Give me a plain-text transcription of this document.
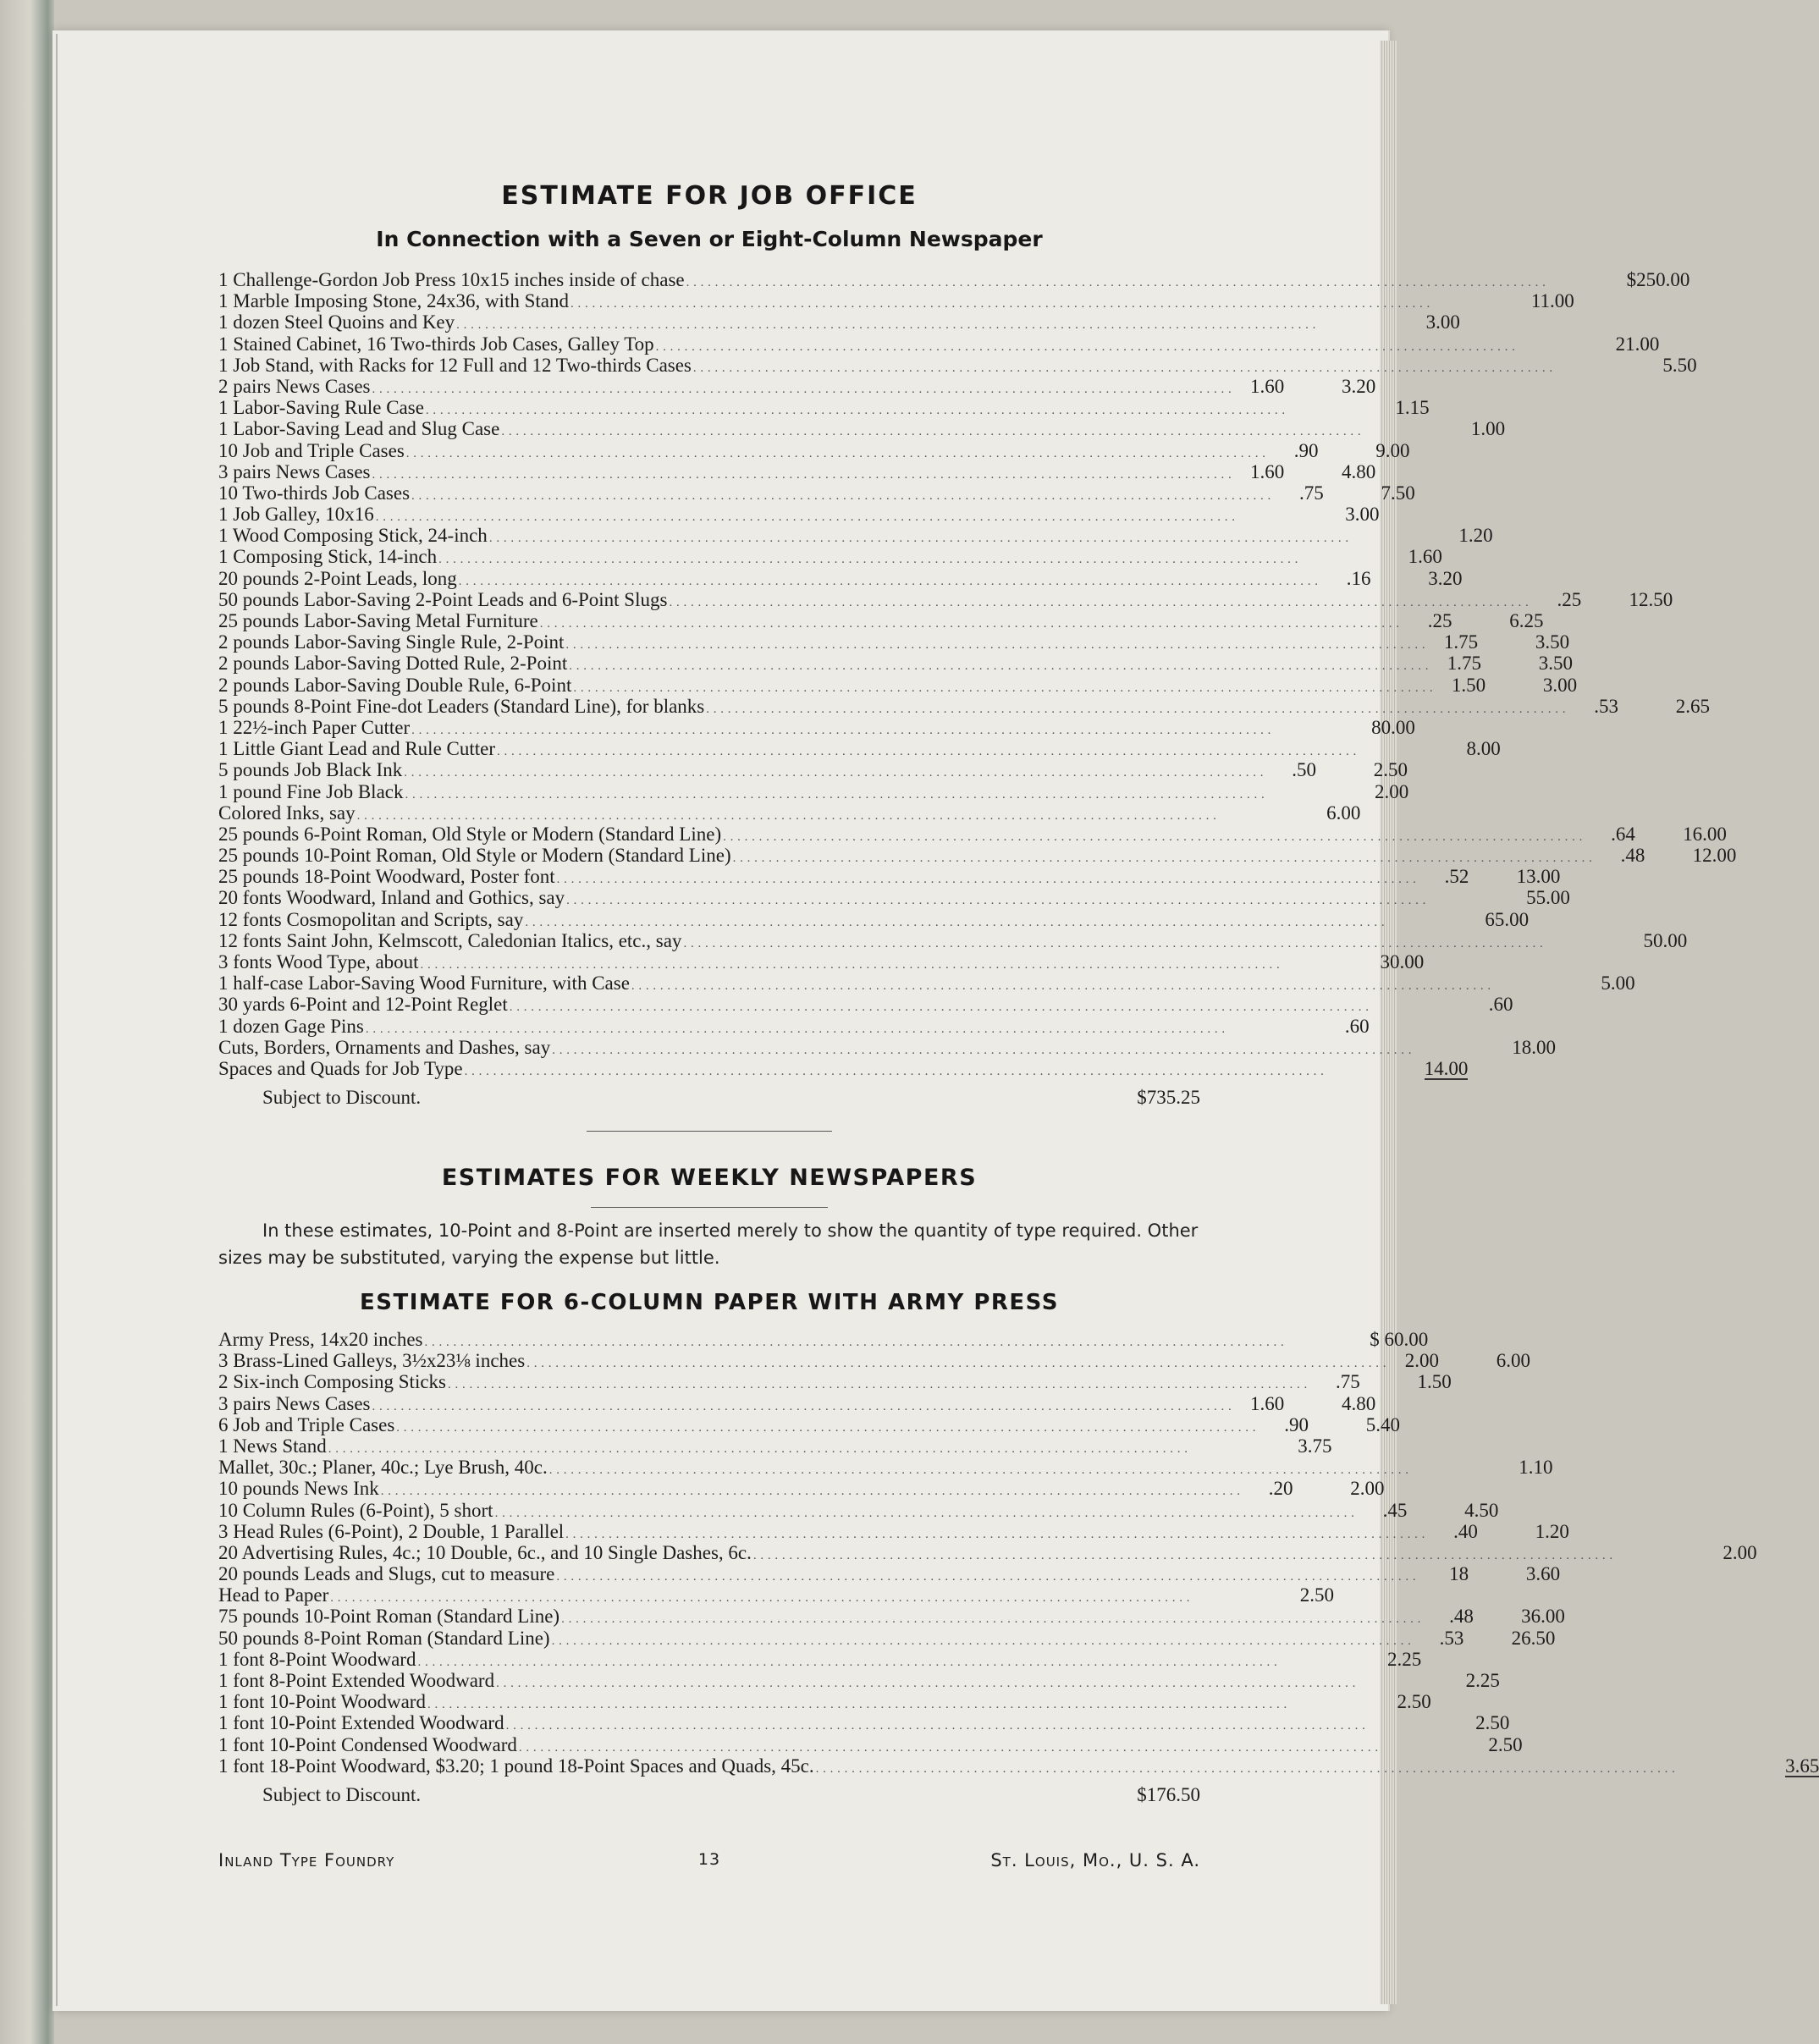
ESTIMATE FOR JOB OFFICE
In Connection with a Seven or Eight-Column Newspaper
1 Challenge-Gordon Job Press 10x15 inches inside of chase . . . . . . . . . . . . . . . . . . . . . . . . . . . . . . . . . . . . . . . . . . . . . . . . . . . . . . . . . . . . . . . . . . . . . . . . . . . . . . . . . . . . . . . . . . . . . . . . . . . . . . . . . . . . . . . . . . . . . . . .	$250.00
1 Marble Imposing Stone, 24x36, with Stand . . . . . . . . . . . . . . . . . . . . . . . . . . . . . . . . . . . . . . . . . . . . . . . . . . . . . . . . . . . . . . . . . . . . . . . . . . . . . . . . . . . . . . . . . . . . . . . . . . . . . . . . . . . . . . . . . . . . . . . .	11.00
1 dozen Steel Quoins and Key . . . . . . . . . . . . . . . . . . . . . . . . . . . . . . . . . . . . . . . . . . . . . . . . . . . . . . . . . . . . . . . . . . . . . . . . . . . . . . . . . . . . . . . . . . . . . . . . . . . . . . . . . . . . . . . . . . . . . . . .	3.00
1 Stained Cabinet, 16 Two-thirds Job Cases, Galley Top . . . . . . . . . . . . . . . . . . . . . . . . . . . . . . . . . . . . . . . . . . . . . . . . . . . . . . . . . . . . . . . . . . . . . . . . . . . . . . . . . . . . . . . . . . . . . . . . . . . . . . . . . . . . . . . . . . . . . . . .	21.00
1 Job Stand, with Racks for 12 Full and 12 Two-thirds Cases . . . . . . . . . . . . . . . . . . . . . . . . . . . . . . . . . . . . . . . . . . . . . . . . . . . . . . . . . . . . . . . . . . . . . . . . . . . . . . . . . . . . . . . . . . . . . . . . . . . . . . . . . . . . . . . . . . . . . . . .	5.50
2 pairs News Cases . . . . . . . . . . . . . . . . . . . . . . . . . . . . . . . . . . . . . . . . . . . . . . . . . . . . . . . . . . . . . . . . . . . . . . . . . . . . . . . . . . . . . . . . . . . . . . . . . . . . . . . . . . . . . . . . . . . . . . . . 1.60	3.20
1 Labor-Saving Rule Case . . . . . . . . . . . . . . . . . . . . . . . . . . . . . . . . . . . . . . . . . . . . . . . . . . . . . . . . . . . . . . . . . . . . . . . . . . . . . . . . . . . . . . . . . . . . . . . . . . . . . . . . . . . . . . . . . . . . . . . .	1.15
1 Labor-Saving Lead and Slug Case . . . . . . . . . . . . . . . . . . . . . . . . . . . . . . . . . . . . . . . . . . . . . . . . . . . . . . . . . . . . . . . . . . . . . . . . . . . . . . . . . . . . . . . . . . . . . . . . . . . . . . . . . . . . . . . . . . . . . . . .	1.00
10 Job and Triple Cases . . . . . . . . . . . . . . . . . . . . . . . . . . . . . . . . . . . . . . . . . . . . . . . . . . . . . . . . . . . . . . . . . . . . . . . . . . . . . . . . . . . . . . . . . . . . . . . . . . . . . . . . . . . . . . . . . . . . . . . .	.90	9.00
3 pairs News Cases . . . . . . . . . . . . . . . . . . . . . . . . . . . . . . . . . . . . . . . . . . . . . . . . . . . . . . . . . . . . . . . . . . . . . . . . . . . . . . . . . . . . . . . . . . . . . . . . . . . . . . . . . . . . . . . . . . . . . . . . 1.60	4.80
10 Two-thirds Job Cases . . . . . . . . . . . . . . . . . . . . . . . . . . . . . . . . . . . . . . . . . . . . . . . . . . . . . . . . . . . . . . . . . . . . . . . . . . . . . . . . . . . . . . . . . . . . . . . . . . . . . . . . . . . . . . . . . . . . . . . .	.75	7.50
1 Job Galley, 10x16 . . . . . . . . . . . . . . . . . . . . . . . . . . . . . . . . . . . . . . . . . . . . . . . . . . . . . . . . . . . . . . . . . . . . . . . . . . . . . . . . . . . . . . . . . . . . . . . . . . . . . . . . . . . . . . . . . . . . . . . .	3.00
1 Wood Composing Stick, 24-inch . . . . . . . . . . . . . . . . . . . . . . . . . . . . . . . . . . . . . . . . . . . . . . . . . . . . . . . . . . . . . . . . . . . . . . . . . . . . . . . . . . . . . . . . . . . . . . . . . . . . . . . . . . . . . . . . . . . . . . . .	1.20
1 Composing Stick, 14-inch . . . . . . . . . . . . . . . . . . . . . . . . . . . . . . . . . . . . . . . . . . . . . . . . . . . . . . . . . . . . . . . . . . . . . . . . . . . . . . . . . . . . . . . . . . . . . . . . . . . . . . . . . . . . . . . . . . . . . . . .	1.60
20 pounds 2-Point Leads, long . . . . . . . . . . . . . . . . . . . . . . . . . . . . . . . . . . . . . . . . . . . . . . . . . . . . . . . . . . . . . . . . . . . . . . . . . . . . . . . . . . . . . . . . . . . . . . . . . . . . . . . . . . . . . . . . . . . . . . . .	.16	3.20
50 pounds Labor-Saving 2-Point Leads and 6-Point Slugs . . . . . . . . . . . . . . . . . . . . . . . . . . . . . . . . . . . . . . . . . . . . . . . . . . . . . . . . . . . . . . . . . . . . . . . . . . . . . . . . . . . . . . . . . . . . . . . . . . . . . . . . . . . . . . . . . . . . . . . .	.25	12.50
25 pounds Labor-Saving Metal Furniture . . . . . . . . . . . . . . . . . . . . . . . . . . . . . . . . . . . . . . . . . . . . . . . . . . . . . . . . . . . . . . . . . . . . . . . . . . . . . . . . . . . . . . . . . . . . . . . . . . . . . . . . . . . . . . . . . . . . . . . .	.25	6.25
2 pounds Labor-Saving Single Rule, 2-Point . . . . . . . . . . . . . . . . . . . . . . . . . . . . . . . . . . . . . . . . . . . . . . . . . . . . . . . . . . . . . . . . . . . . . . . . . . . . . . . . . . . . . . . . . . . . . . . . . . . . . . . . . . . . . . . . . . . . . . . . 1.75	3.50
2 pounds Labor-Saving Dotted Rule, 2-Point . . . . . . . . . . . . . . . . . . . . . . . . . . . . . . . . . . . . . . . . . . . . . . . . . . . . . . . . . . . . . . . . . . . . . . . . . . . . . . . . . . . . . . . . . . . . . . . . . . . . . . . . . . . . . . . . . . . . . . . . 1.75	3.50
2 pounds Labor-Saving Double Rule, 6-Point . . . . . . . . . . . . . . . . . . . . . . . . . . . . . . . . . . . . . . . . . . . . . . . . . . . . . . . . . . . . . . . . . . . . . . . . . . . . . . . . . . . . . . . . . . . . . . . . . . . . . . . . . . . . . . . . . . . . . . . . 1.50	3.00
5 pounds 8-Point Fine-dot Leaders (Standard Line), for blanks . . . . . . . . . . . . . . . . . . . . . . . . . . . . . . . . . . . . . . . . . . . . . . . . . . . . . . . . . . . . . . . . . . . . . . . . . . . . . . . . . . . . . . . . . . . . . . . . . . . . . . . . . . . . . . . . . . . . . . . .	.53	2.65
1 22½-inch Paper Cutter . . . . . . . . . . . . . . . . . . . . . . . . . . . . . . . . . . . . . . . . . . . . . . . . . . . . . . . . . . . . . . . . . . . . . . . . . . . . . . . . . . . . . . . . . . . . . . . . . . . . . . . . . . . . . . . . . . . . . . . .	80.00
1 Little Giant Lead and Rule Cutter . . . . . . . . . . . . . . . . . . . . . . . . . . . . . . . . . . . . . . . . . . . . . . . . . . . . . . . . . . . . . . . . . . . . . . . . . . . . . . . . . . . . . . . . . . . . . . . . . . . . . . . . . . . . . . . . . . . . . . . .	8.00
5 pounds Job Black Ink . . . . . . . . . . . . . . . . . . . . . . . . . . . . . . . . . . . . . . . . . . . . . . . . . . . . . . . . . . . . . . . . . . . . . . . . . . . . . . . . . . . . . . . . . . . . . . . . . . . . . . . . . . . . . . . . . . . . . . . .	.50	2.50
1 pound Fine Job Black . . . . . . . . . . . . . . . . . . . . . . . . . . . . . . . . . . . . . . . . . . . . . . . . . . . . . . . . . . . . . . . . . . . . . . . . . . . . . . . . . . . . . . . . . . . . . . . . . . . . . . . . . . . . . . . . . . . . . . . .	2.00
Colored Inks, say . . . . . . . . . . . . . . . . . . . . . . . . . . . . . . . . . . . . . . . . . . . . . . . . . . . . . . . . . . . . . . . . . . . . . . . . . . . . . . . . . . . . . . . . . . . . . . . . . . . . . . . . . . . . . . . . . . . . . . . .	6.00
25 pounds 6-Point Roman, Old Style or Modern (Standard Line) . . . . . . . . . . . . . . . . . . . . . . . . . . . . . . . . . . . . . . . . . . . . . . . . . . . . . . . . . . . . . . . . . . . . . . . . . . . . . . . . . . . . . . . . . . . . . . . . . . . . . . . . . . . . . . . . . . . . . . . .	.64	16.00
25 pounds 10-Point Roman, Old Style or Modern (Standard Line) . . . . . . . . . . . . . . . . . . . . . . . . . . . . . . . . . . . . . . . . . . . . . . . . . . . . . . . . . . . . . . . . . . . . . . . . . . . . . . . . . . . . . . . . . . . . . . . . . . . . . . . . . . . . . . . . . . . . . . . .	.48	12.00
25 pounds 18-Point Woodward, Poster font . . . . . . . . . . . . . . . . . . . . . . . . . . . . . . . . . . . . . . . . . . . . . . . . . . . . . . . . . . . . . . . . . . . . . . . . . . . . . . . . . . . . . . . . . . . . . . . . . . . . . . . . . . . . . . . . . . . . . . . .	.52	13.00
20 fonts Woodward, Inland and Gothics, say . . . . . . . . . . . . . . . . . . . . . . . . . . . . . . . . . . . . . . . . . . . . . . . . . . . . . . . . . . . . . . . . . . . . . . . . . . . . . . . . . . . . . . . . . . . . . . . . . . . . . . . . . . . . . . . . . . . . . . . .	55.00
12 fonts Cosmopolitan and Scripts, say . . . . . . . . . . . . . . . . . . . . . . . . . . . . . . . . . . . . . . . . . . . . . . . . . . . . . . . . . . . . . . . . . . . . . . . . . . . . . . . . . . . . . . . . . . . . . . . . . . . . . . . . . . . . . . . . . . . . . . . .	65.00
12 fonts Saint John, Kelmscott, Caledonian Italics, etc., say . . . . . . . . . . . . . . . . . . . . . . . . . . . . . . . . . . . . . . . . . . . . . . . . . . . . . . . . . . . . . . . . . . . . . . . . . . . . . . . . . . . . . . . . . . . . . . . . . . . . . . . . . . . . . . . . . . . . . . . .	50.00
3 fonts Wood Type, about . . . . . . . . . . . . . . . . . . . . . . . . . . . . . . . . . . . . . . . . . . . . . . . . . . . . . . . . . . . . . . . . . . . . . . . . . . . . . . . . . . . . . . . . . . . . . . . . . . . . . . . . . . . . . . . . . . . . . . . .	30.00
1 half-case Labor-Saving Wood Furniture, with Case . . . . . . . . . . . . . . . . . . . . . . . . . . . . . . . . . . . . . . . . . . . . . . . . . . . . . . . . . . . . . . . . . . . . . . . . . . . . . . . . . . . . . . . . . . . . . . . . . . . . . . . . . . . . . . . . . . . . . . . .	5.00
30 yards 6-Point and 12-Point Reglet . . . . . . . . . . . . . . . . . . . . . . . . . . . . . . . . . . . . . . . . . . . . . . . . . . . . . . . . . . . . . . . . . . . . . . . . . . . . . . . . . . . . . . . . . . . . . . . . . . . . . . . . . . . . . . . . . . . . . . . .	.60
1 dozen Gage Pins . . . . . . . . . . . . . . . . . . . . . . . . . . . . . . . . . . . . . . . . . . . . . . . . . . . . . . . . . . . . . . . . . . . . . . . . . . . . . . . . . . . . . . . . . . . . . . . . . . . . . . . . . . . . . . . . . . . . . . . .	.60
Cuts, Borders, Ornaments and Dashes, say . . . . . . . . . . . . . . . . . . . . . . . . . . . . . . . . . . . . . . . . . . . . . . . . . . . . . . . . . . . . . . . . . . . . . . . . . . . . . . . . . . . . . . . . . . . . . . . . . . . . . . . . . . . . . . . . . . . . . . . .	18.00
Spaces and Quads for Job Type . . . . . . . . . . . . . . . . . . . . . . . . . . . . . . . . . . . . . . . . . . . . . . . . . . . . . . . . . . . . . . . . . . . . . . . . . . . . . . . . . . . . . . . . . . . . . . . . . . . . . . . . . . . . . . . . . . . . . . . .	14.00
Subject to Discount.	$735.25
ESTIMATES FOR WEEKLY NEWSPAPERS
In these estimates, 10-Point and 8-Point are inserted merely to show the quantity of type required. Other sizes may be substituted, varying the expense but little.
ESTIMATE FOR 6-COLUMN PAPER WITH ARMY PRESS
Army Press, 14x20 inches . . . . . . . . . . . . . . . . . . . . . . . . . . . . . . . . . . . . . . . . . . . . . . . . . . . . . . . . . . . . . . . . . . . . . . . . . . . . . . . . . . . . . . . . . . . . . . . . . . . . . . . . . . . . . . . . . . . . . . . .	$ 60.00
3 Brass-Lined Galleys, 3½x23⅛ inches . . . . . . . . . . . . . . . . . . . . . . . . . . . . . . . . . . . . . . . . . . . . . . . . . . . . . . . . . . . . . . . . . . . . . . . . . . . . . . . . . . . . . . . . . . . . . . . . . . . . . . . . . . . . . . . . . . . . . . . . 2.00	6.00
2 Six-inch Composing Sticks . . . . . . . . . . . . . . . . . . . . . . . . . . . . . . . . . . . . . . . . . . . . . . . . . . . . . . . . . . . . . . . . . . . . . . . . . . . . . . . . . . . . . . . . . . . . . . . . . . . . . . . . . . . . . . . . . . . . . . . .	.75	1.50
3 pairs News Cases . . . . . . . . . . . . . . . . . . . . . . . . . . . . . . . . . . . . . . . . . . . . . . . . . . . . . . . . . . . . . . . . . . . . . . . . . . . . . . . . . . . . . . . . . . . . . . . . . . . . . . . . . . . . . . . . . . . . . . . . 1.60	4.80
6 Job and Triple Cases . . . . . . . . . . . . . . . . . . . . . . . . . . . . . . . . . . . . . . . . . . . . . . . . . . . . . . . . . . . . . . . . . . . . . . . . . . . . . . . . . . . . . . . . . . . . . . . . . . . . . . . . . . . . . . . . . . . . . . . .	.90	5.40
1 News Stand . . . . . . . . . . . . . . . . . . . . . . . . . . . . . . . . . . . . . . . . . . . . . . . . . . . . . . . . . . . . . . . . . . . . . . . . . . . . . . . . . . . . . . . . . . . . . . . . . . . . . . . . . . . . . . . . . . . . . . . .	3.75
Mallet, 30c.; Planer, 40c.; Lye Brush, 40c. . . . . . . . . . . . . . . . . . . . . . . . . . . . . . . . . . . . . . . . . . . . . . . . . . . . . . . . . . . . . . . . . . . . . . . . . . . . . . . . . . . . . . . . . . . . . . . . . . . . . . . . . . . . . . . . . . . . . . . . .	1.10
10 pounds News Ink . . . . . . . . . . . . . . . . . . . . . . . . . . . . . . . . . . . . . . . . . . . . . . . . . . . . . . . . . . . . . . . . . . . . . . . . . . . . . . . . . . . . . . . . . . . . . . . . . . . . . . . . . . . . . . . . . . . . . . . .	.20	2.00
10 Column Rules (6-Point), 5 short . . . . . . . . . . . . . . . . . . . . . . . . . . . . . . . . . . . . . . . . . . . . . . . . . . . . . . . . . . . . . . . . . . . . . . . . . . . . . . . . . . . . . . . . . . . . . . . . . . . . . . . . . . . . . . . . . . . . . . . .	.45	4.50
3 Head Rules (6-Point), 2 Double, 1 Parallel . . . . . . . . . . . . . . . . . . . . . . . . . . . . . . . . . . . . . . . . . . . . . . . . . . . . . . . . . . . . . . . . . . . . . . . . . . . . . . . . . . . . . . . . . . . . . . . . . . . . . . . . . . . . . . . . . . . . . . . .	.40	1.20
20 Advertising Rules, 4c.; 10 Double, 6c., and 10 Single Dashes, 6c. . . . . . . . . . . . . . . . . . . . . . . . . . . . . . . . . . . . . . . . . . . . . . . . . . . . . . . . . . . . . . . . . . . . . . . . . . . . . . . . . . . . . . . . . . . . . . . . . . . . . . . . . . . . . . . . . . . . . . . . .	2.00
20 pounds Leads and Slugs, cut to measure . . . . . . . . . . . . . . . . . . . . . . . . . . . . . . . . . . . . . . . . . . . . . . . . . . . . . . . . . . . . . . . . . . . . . . . . . . . . . . . . . . . . . . . . . . . . . . . . . . . . . . . . . . . . . . . . . . . . . . . .	18	3.60
Head to Paper . . . . . . . . . . . . . . . . . . . . . . . . . . . . . . . . . . . . . . . . . . . . . . . . . . . . . . . . . . . . . . . . . . . . . . . . . . . . . . . . . . . . . . . . . . . . . . . . . . . . . . . . . . . . . . . . . . . . . . . .	2.50
75 pounds 10-Point Roman (Standard Line) . . . . . . . . . . . . . . . . . . . . . . . . . . . . . . . . . . . . . . . . . . . . . . . . . . . . . . . . . . . . . . . . . . . . . . . . . . . . . . . . . . . . . . . . . . . . . . . . . . . . . . . . . . . . . . . . . . . . . . . .	.48	36.00
50 pounds 8-Point Roman (Standard Line) . . . . . . . . . . . . . . . . . . . . . . . . . . . . . . . . . . . . . . . . . . . . . . . . . . . . . . . . . . . . . . . . . . . . . . . . . . . . . . . . . . . . . . . . . . . . . . . . . . . . . . . . . . . . . . . . . . . . . . . .	.53	26.50
1 font 8-Point Woodward . . . . . . . . . . . . . . . . . . . . . . . . . . . . . . . . . . . . . . . . . . . . . . . . . . . . . . . . . . . . . . . . . . . . . . . . . . . . . . . . . . . . . . . . . . . . . . . . . . . . . . . . . . . . . . . . . . . . . . . .	2.25
1 font 8-Point Extended Woodward . . . . . . . . . . . . . . . . . . . . . . . . . . . . . . . . . . . . . . . . . . . . . . . . . . . . . . . . . . . . . . . . . . . . . . . . . . . . . . . . . . . . . . . . . . . . . . . . . . . . . . . . . . . . . . . . . . . . . . . .	2.25
1 font 10-Point Woodward . . . . . . . . . . . . . . . . . . . . . . . . . . . . . . . . . . . . . . . . . . . . . . . . . . . . . . . . . . . . . . . . . . . . . . . . . . . . . . . . . . . . . . . . . . . . . . . . . . . . . . . . . . . . . . . . . . . . . . . .	2.50
1 font 10-Point Extended Woodward . . . . . . . . . . . . . . . . . . . . . . . . . . . . . . . . . . . . . . . . . . . . . . . . . . . . . . . . . . . . . . . . . . . . . . . . . . . . . . . . . . . . . . . . . . . . . . . . . . . . . . . . . . . . . . . . . . . . . . . .	2.50
1 font 10-Point Condensed Woodward . . . . . . . . . . . . . . . . . . . . . . . . . . . . . . . . . . . . . . . . . . . . . . . . . . . . . . . . . . . . . . . . . . . . . . . . . . . . . . . . . . . . . . . . . . . . . . . . . . . . . . . . . . . . . . . . . . . . . . . .	2.50
1 font 18-Point Woodward, $3.20; 1 pound 18-Point Spaces and Quads, 45c. . . . . . . . . . . . . . . . . . . . . . . . . . . . . . . . . . . . . . . . . . . . . . . . . . . . . . . . . . . . . . . . . . . . . . . . . . . . . . . . . . . . . . . . . . . . . . . . . . . . . . . . . . . . . . . . . . . . . . . . .	3.65
Subject to Discount.	$176.50
Inland Type Foundry	13	St. Louis, Mo., U. S. A.
